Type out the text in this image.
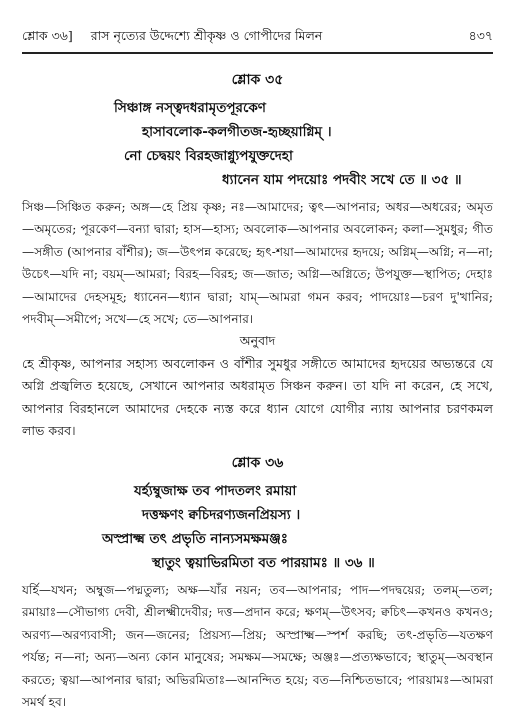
শ্লোক ৩৬] রাস নৃত্যের উদ্দেশ্যে শ্রীকৃষ্ণ ও গোপীদের মিলন	৪৩৭
শ্লোক ৩৫
সিঞ্চাঙ্গ নস্ত্বদধরামৃতপূরকেণ
হাসাবলোক-কলগীতজ-হৃচ্ছয়াগ্নিম্ ।
নো চেদ্বয়ং বিরহজাগ্ন্যুপযুক্তদেহা
ধ্যানেন যাম পদয়োঃ পদবীং সখে তে ॥ ৩৫ ॥
সিঞ্চ—সিঞ্চিত করুন; অঙ্গ—হে প্রিয় কৃষ্ণ; নঃ—আমাদের; ত্বৎ—আপনার; অধর—অধরের; অমৃত—অমৃতের; পূরকেণ—বন্যা দ্বারা; হাস—হাস্য; অবলোক—আপনার অবলোকন; কলা—সুমধুর; গীত—সঙ্গীত (আপনার বাঁশীর); জ—উৎপন্ন করেছে; হৃৎ-শয়া—আমাদের হৃদয়ে; অগ্নিম্—অগ্নি; ন—না; উচেৎ—যদি না; বয়ম্—আমরা; বিরহ—বিরহ; জ—জাত; অগ্নি—অগ্নিতে; উপযুক্ত—স্থাপিত; দেহাঃ—আমাদের দেহসমূহ; ধ্যানেন—ধ্যান দ্বারা; যাম্—আমরা গমন করব; পাদয়োঃ—চরণ দু'খানির; পদবীম্—সমীপে; সখে—হে সখে; তে—আপনার।
অনুবাদ
হে শ্রীকৃষ্ণ, আপনার সহাস্য অবলোকন ও বাঁশীর সুমধুর সঙ্গীতে আমাদের হৃদয়ের অভ্যন্তরে যে অগ্নি প্রজ্বলিত হয়েছে, সেখানে আপনার অধরামৃত সিঞ্চন করুন। তা যদি না করেন, হে সখে, আপনার বিরহানলে আমাদের দেহকে ন্যস্ত করে ধ্যান যোগে যোগীর ন্যায় আপনার চরণকমল লাভ করব।
শ্লোক ৩৬
যর্হ্যম্বুজাক্ষ তব পাদতলং রমায়া
দত্তক্ষণং ক্বচিদরণ্যজনপ্রিয়স্য ।
অস্প্রাক্ষ্ম তৎ প্রভৃতি নান্যসমক্ষমঞ্জঃ
স্থাতুং ত্বয়াভিরমিতা বত পারয়ামঃ ॥ ৩৬ ॥
যর্হি—যখন; অম্বুজ—পদ্মতুল্য; অক্ষ—যাঁর নয়ন; তব—আপনার; পাদ—পদদ্বয়ের; তলম্—তল; রমায়াঃ—সৌভাগ্য দেবী, শ্রীলক্ষ্মীদেবীর; দত্ত—প্রদান করে; ক্ষণম্—উৎসব; ক্বচিৎ—কখনও কখনও; অরণ্য—অরণ্যবাসী; জন—জনের; প্রিয়স্য—প্রিয়; অস্প্রাক্ষ্ম—স্পর্শ করছি; তৎ-প্রভৃতি—যতক্ষণ পর্যন্ত; ন—না; অন্য—অন্য কোন মানুষের; সমক্ষম—সমক্ষে; অঞ্জঃ—প্রত্যক্ষভাবে; স্থাতুম্—অবস্থান করতে; ত্বয়া—আপনার দ্বারা; অভিরমিতাঃ—আনন্দিত হয়ে; বত—নিশ্চিতভাবে; পারয়ামঃ—আমরা সমর্থ হব।
